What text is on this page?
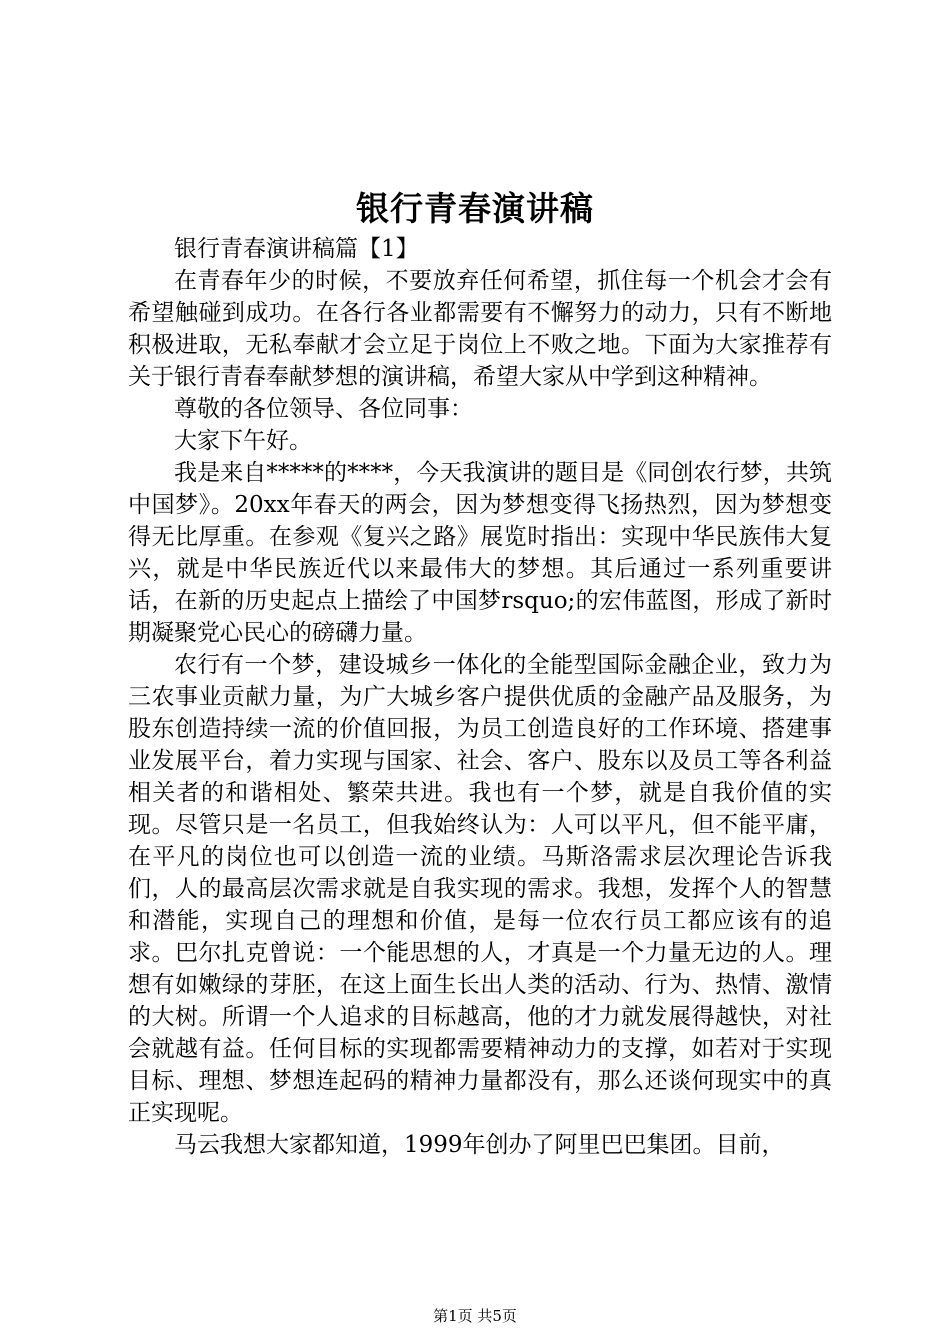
银行青春演讲稿

银行青春演讲稿篇【1】

在青春年少的时候，不要放弃任何希望，抓住每一个机会才会有希望触碰到成功。在各行各业都需要有不懈努力的动力，只有不断地积极进取，无私奉献才会立足于岗位上不败之地。下面为大家推荐有关于银行青春奉献梦想的演讲稿，希望大家从中学到这种精神。

尊敬的各位领导、各位同事：

大家下午好。

我是来自*****的****，今天我演讲的题目是《同创农行梦，共筑中国梦》。20xx年春天的两会，因为梦想变得飞扬热烈，因为梦想变得无比厚重。在参观《复兴之路》展览时指出：实现中华民族伟大复兴，就是中华民族近代以来最伟大的梦想。其后通过一系列重要讲话，在新的历史起点上描绘了中国梦rsquo;的宏伟蓝图，形成了新时期凝聚党心民心的磅礴力量。

农行有一个梦，建设城乡一体化的全能型国际金融企业，致力为三农事业贡献力量，为广大城乡客户提供优质的金融产品及服务，为股东创造持续一流的价值回报，为员工创造良好的工作环境、搭建事业发展平台，着力实现与国家、社会、客户、股东以及员工等各利益相关者的和谐相处、繁荣共进。我也有一个梦，就是自我价值的实现。尽管只是一名员工，但我始终认为：人可以平凡，但不能平庸，在平凡的岗位也可以创造一流的业绩。马斯洛需求层次理论告诉我们，人的最高层次需求就是自我实现的需求。我想，发挥个人的智慧和潜能，实现自己的理想和价值，是每一位农行员工都应该有的追求。巴尔扎克曾说：一个能思想的人，才真是一个力量无边的人。理想有如嫩绿的芽胚，在这上面生长出人类的活动、行为、热情、激情的大树。所谓一个人追求的目标越高，他的才力就发展得越快，对社会就越有益。任何目标的实现都需要精神动力的支撑，如若对于实现目标、理想、梦想连起码的精神力量都没有，那么还谈何现实中的真正实现呢。

马云我想大家都知道，1999年创办了阿里巴巴集团。目前，

第1页 共5页
